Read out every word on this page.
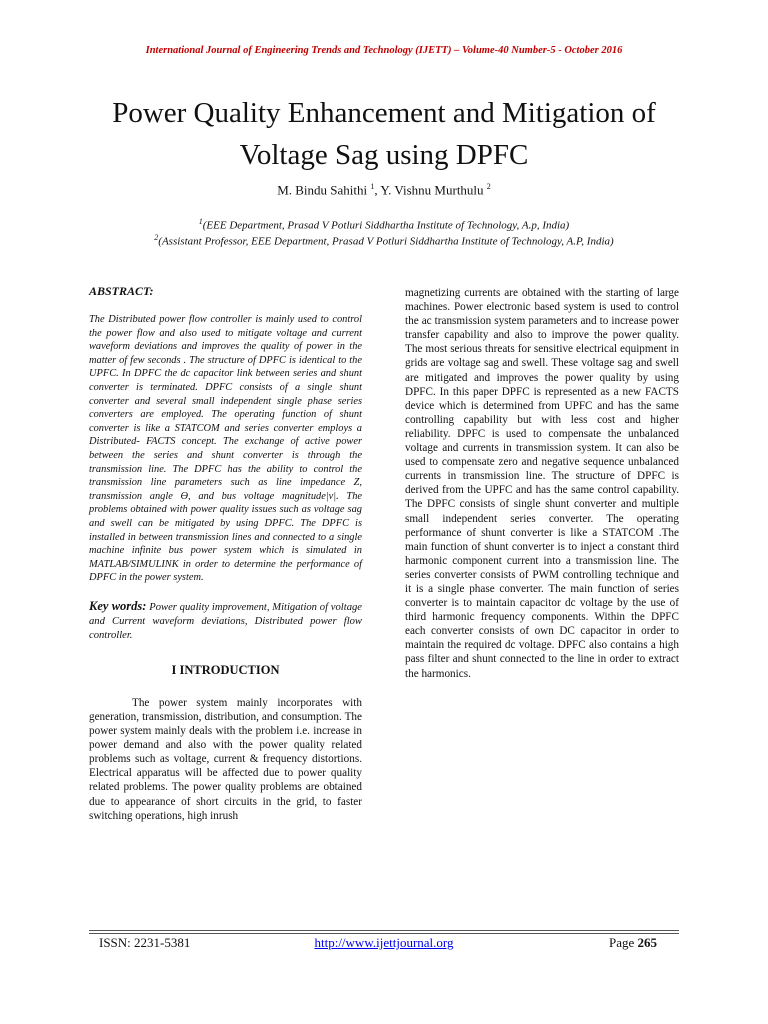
International Journal of Engineering Trends and Technology (IJETT) – Volume-40 Number-5 - October 2016
Power Quality Enhancement and Mitigation of
Voltage Sag using DPFC
M. Bindu Sahithi $^1$, Y. Vishnu Murthulu $^2$
$^1$(EEE Department, Prasad V Potluri Siddhartha Institute of Technology, A.p, India)
$^2$(Assistant Professor, EEE Department, Prasad V Potluri Siddhartha Institute of Technology, A.P, India)

ABSTRACT:

The Distributed power flow controller is mainly used to control the power flow and also used to mitigate voltage and current waveform deviations and improves the quality of power in the matter of few seconds . The structure of DPFC is identical to the UPFC. In DPFC the dc capacitor link between series and shunt converter is terminated. DPFC consists of a single shunt converter and several small independent single phase series converters are employed. The operating function of shunt converter is like a STATCOM and series converter employs a Distributed- FACTS concept. The exchange of active power between the series and shunt converter is through the transmission line. The DPFC has the ability to control the transmission line parameters such as line impedance Z, transmission angle Ɵ, and bus voltage magnitude|ν|. The problems obtained with power quality issues such as voltage sag and swell can be mitigated by using DPFC. The DPFC is installed in between transmission lines and connected to a single machine infinite bus power system which is simulated in MATLAB/SIMULINK in order to determine the performance of DPFC in the power system.

Key words: Power quality improvement, Mitigation of voltage and Current waveform deviations, Distributed power flow controller.

I INTRODUCTION

The power system mainly incorporates with generation, transmission, distribution, and consumption. The power system mainly deals with the problem i.e. increase in power demand and also with the power quality related problems such as voltage, current & frequency distortions. Electrical apparatus will be affected due to power quality related problems. The power quality problems are obtained due to appearance of short circuits in the grid, to faster switching operations, high inrush

magnetizing currents are obtained with the starting of large machines. Power electronic based system is used to control the ac transmission system parameters and to increase power transfer capability and also to improve the power quality. The most serious threats for sensitive electrical equipment in grids are voltage sag and swell. These voltage sag and swell are mitigated and improves the power quality by using DPFC. In this paper DPFC is represented as a new FACTS device which is determined from UPFC and has the same controlling capability but with less cost and higher reliability. DPFC is used to compensate the unbalanced voltage and currents in transmission system. It can also be used to compensate zero and negative sequence unbalanced currents in transmission line. The structure of DPFC is derived from the UPFC and has the same control capability. The DPFC consists of single shunt converter and multiple small independent series converter. The operating performance of shunt converter is like a STATCOM .The main function of shunt converter is to inject a constant third harmonic component current into a transmission line. The series converter consists of PWM controlling technique and it is a single phase converter. The main function of series converter is to maintain capacitor dc voltage by the use of third harmonic frequency components. Within the DPFC each converter consists of own DC capacitor in order to maintain the required dc voltage. DPFC also contains a high pass filter and shunt connected to the line in order to extract the harmonics.

ISSN: 2231-5381	http://www.ijettjournal.org	Page 265
